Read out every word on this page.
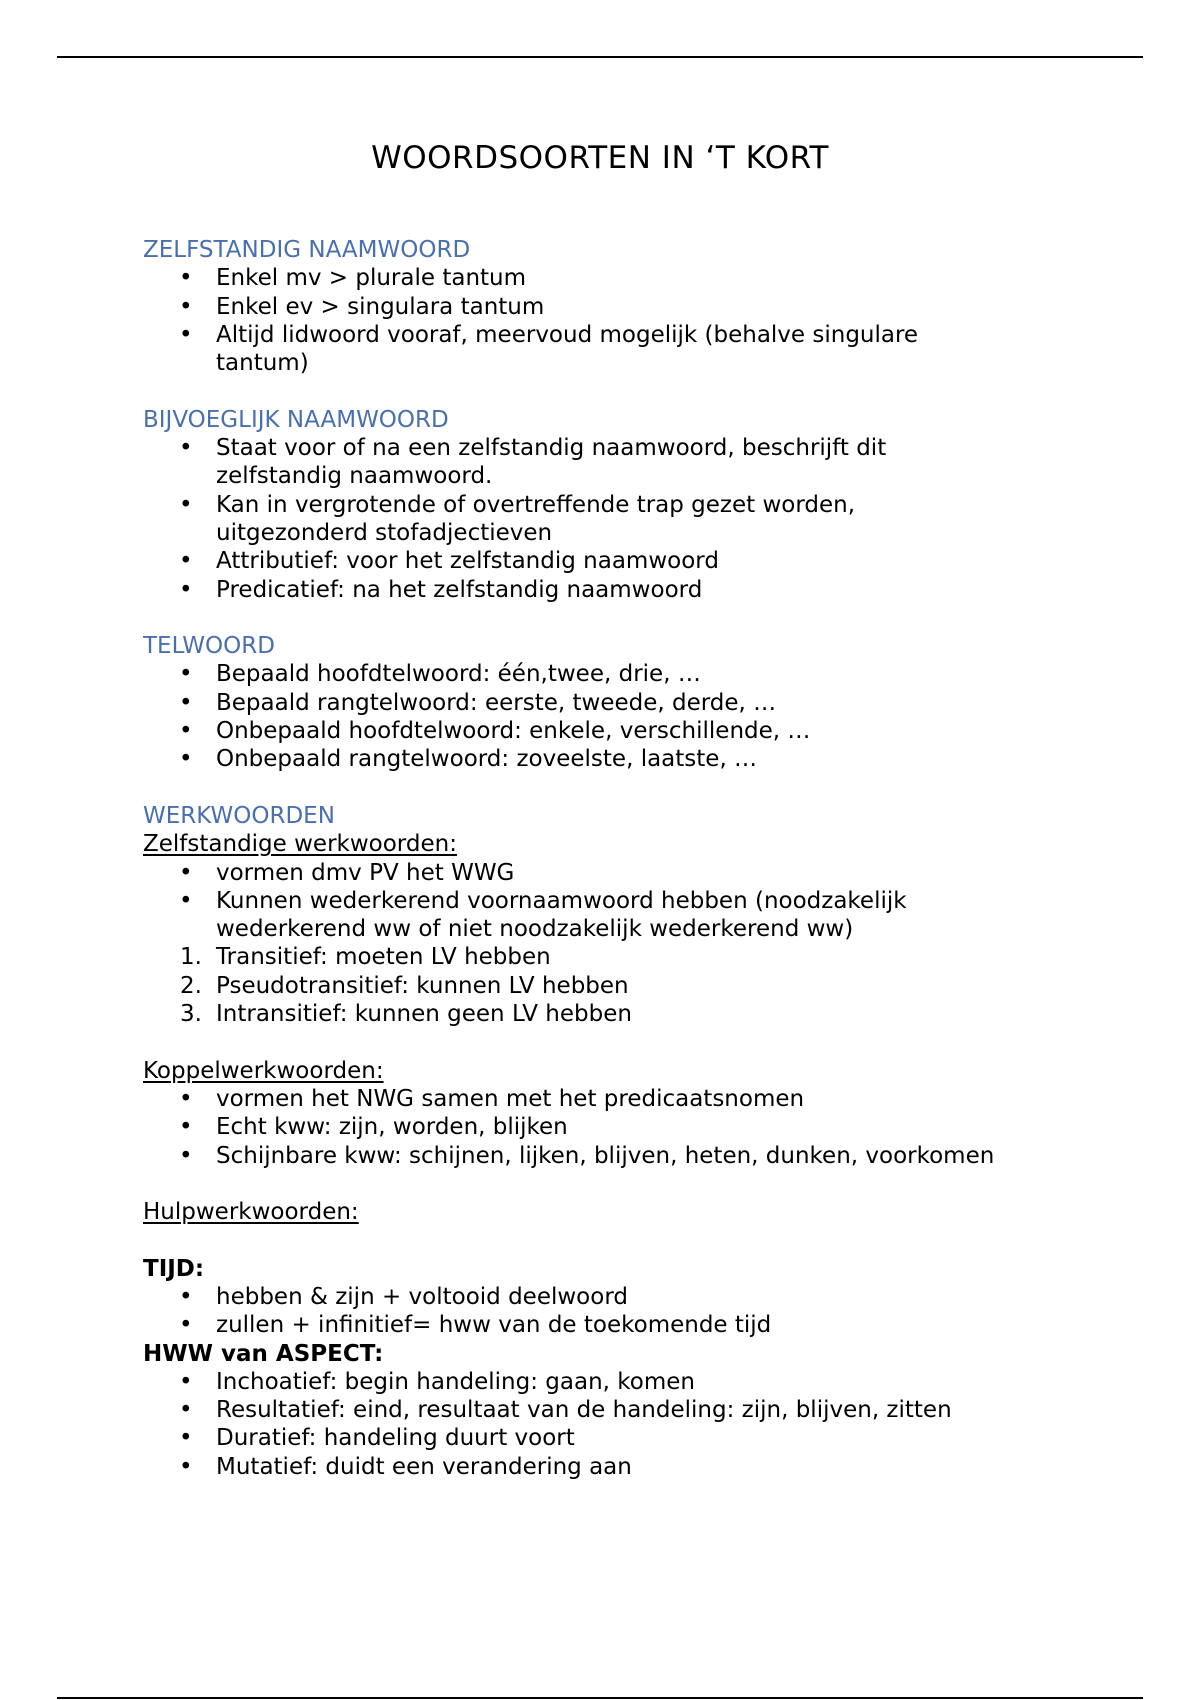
WOORDSOORTEN IN ‘T KORT
ZELFSTANDIG NAAMWOORD
• Enkel mv > plurale tantum
• Enkel ev > singulara tantum
• Altijd lidwoord vooraf, meervoud mogelijk (behalve singulare tantum)
BIJVOEGLIJK NAAMWOORD
• Staat voor of na een zelfstandig naamwoord, beschrijft dit zelfstandig naamwoord.
• Kan in vergrotende of overtreffende trap gezet worden, uitgezonderd stofadjectieven
• Attributief: voor het zelfstandig naamwoord
• Predicatief: na het zelfstandig naamwoord
TELWOORD
• Bepaald hoofdtelwoord: één,twee, drie, …
• Bepaald rangtelwoord: eerste, tweede, derde, …
• Onbepaald hoofdtelwoord: enkele, verschillende, …
• Onbepaald rangtelwoord: zoveelste, laatste, …
WERKWOORDEN
Zelfstandige werkwoorden:
• vormen dmv PV het WWG
• Kunnen wederkerend voornaamwoord hebben (noodzakelijk wederkerend ww of niet noodzakelijk wederkerend ww)
1. Transitief: moeten LV hebben
2. Pseudotransitief: kunnen LV hebben
3. Intransitief: kunnen geen LV hebben
Koppelwerkwoorden:
• vormen het NWG samen met het predicaatsnomen
• Echt kww: zijn, worden, blijken
• Schijnbare kww: schijnen, lijken, blijven, heten, dunken, voorkomen
Hulpwerkwoorden:
TIJD:
• hebben & zijn + voltooid deelwoord
• zullen + infinitief= hww van de toekomende tijd
HWW van ASPECT:
• Inchoatief: begin handeling: gaan, komen
• Resultatief: eind, resultaat van de handeling: zijn, blijven, zitten
• Duratief: handeling duurt voort
• Mutatief: duidt een verandering aan
